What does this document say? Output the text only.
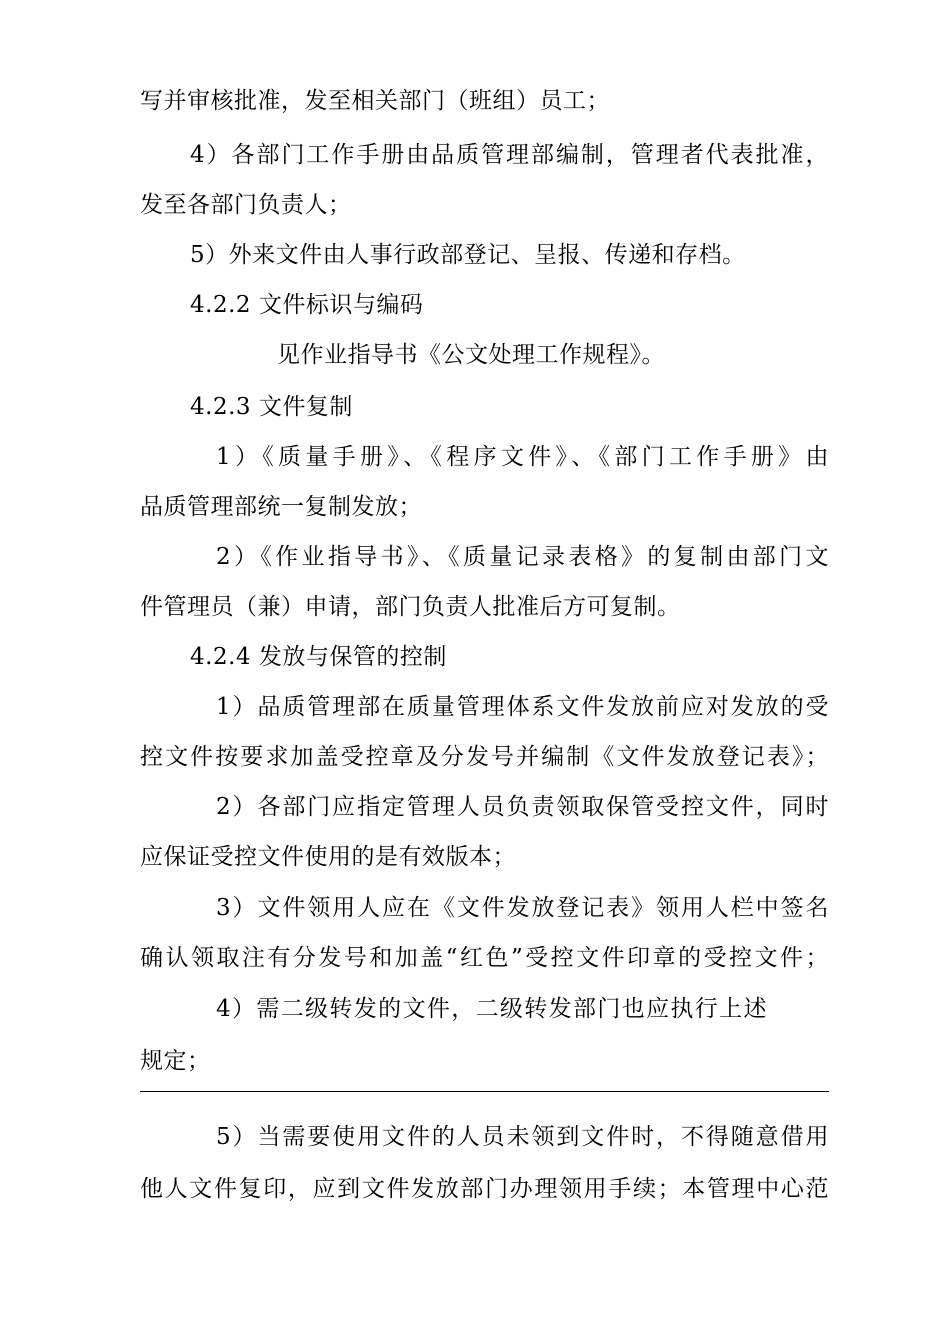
写并审核批准，发至相关部门（班组）员工；
4）各部门工作手册由品质管理部编制，管理者代表批准，
发至各部门负责人；
5）外来文件由人事行政部登记、呈报、传递和存档。
4.2.2 文件标识与编码
见作业指导书《公文处理工作规程》。
4.2.3 文件复制
1）《质量手册》、《程序文件》、《部门工作手册》由
品质管理部统一复制发放；
2）《作业指导书》、《质量记录表格》的复制由部门文
件管理员（兼）申请，部门负责人批准后方可复制。
4.2.4 发放与保管的控制
1）品质管理部在质量管理体系文件发放前应对发放的受
控文件按要求加盖受控章及分发号并编制《文件发放登记表》；
2）各部门应指定管理人员负责领取保管受控文件，同时
应保证受控文件使用的是有效版本；
3）文件领用人应在《文件发放登记表》领用人栏中签名
确认领取注有分发号和加盖“红色”受控文件印章的受控文件；
4）需二级转发的文件，二级转发部门也应执行上述
规定；
5）当需要使用文件的人员未领到文件时，不得随意借用
他人文件复印，应到文件发放部门办理领用手续；本管理中心范
